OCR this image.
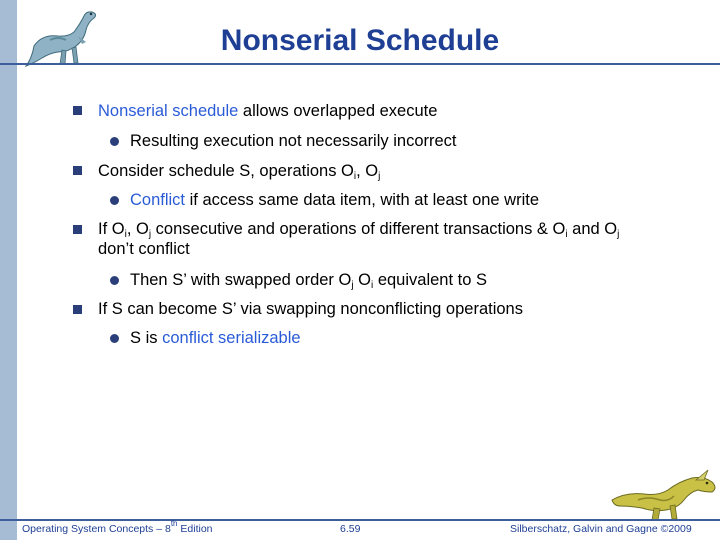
Nonserial Schedule

Nonserial schedule allows overlapped execute

Resulting execution not necessarily incorrect

Consider schedule S, operations $O_i$, $O_j$

Conflict if access same data item, with at least one write

If $O_i$, $O_j$ consecutive and operations of different transactions & $O_i$ and $O_j$
don’t conflict

Then S’ with swapped order $O_j$ $O_i$ equivalent to S

If S can become S’ via swapping nonconflicting operations

S is conflict serializable

Operating System Concepts – 8th Edition	6.59	Silberschatz, Galvin and Gagne ©2009
